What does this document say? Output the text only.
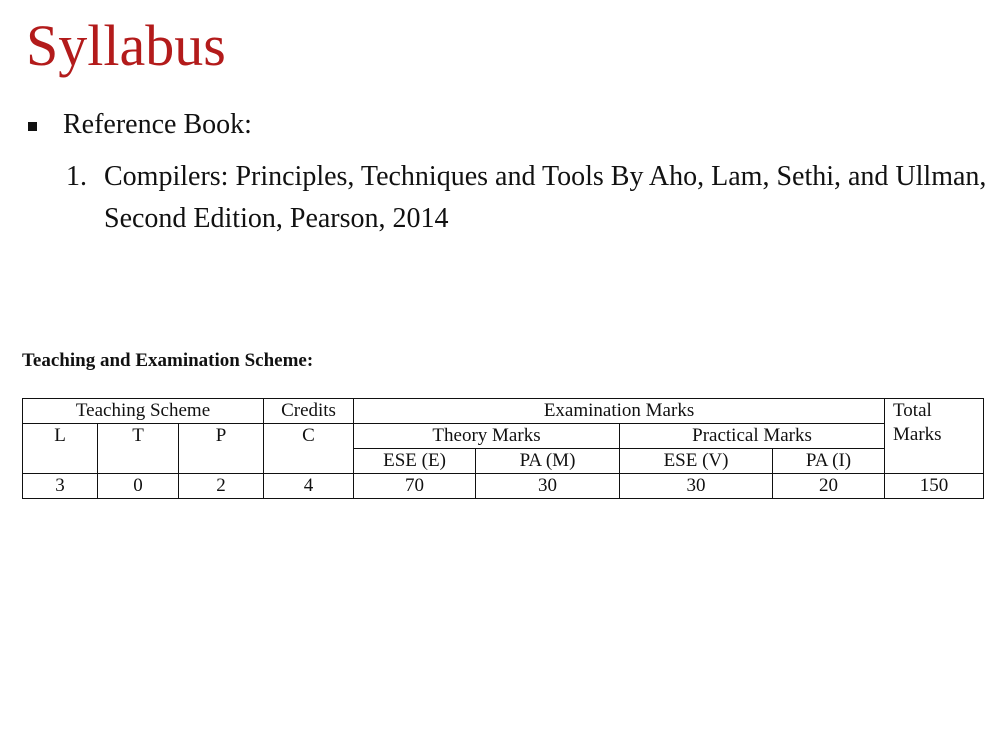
Syllabus
Reference Book:
1. Compilers: Principles, Techniques and Tools By Aho, Lam, Sethi, and Ullman, Second Edition, Pearson, 2014
Teaching and Examination Scheme:
Teaching Scheme			Credits	Examination Marks				Total Marks
L	T	P	C	Theory Marks		Practical Marks		
				ESE (E)	PA (M)	ESE (V)	PA (I)	
3	0	2	4	70	30	30	20	150
